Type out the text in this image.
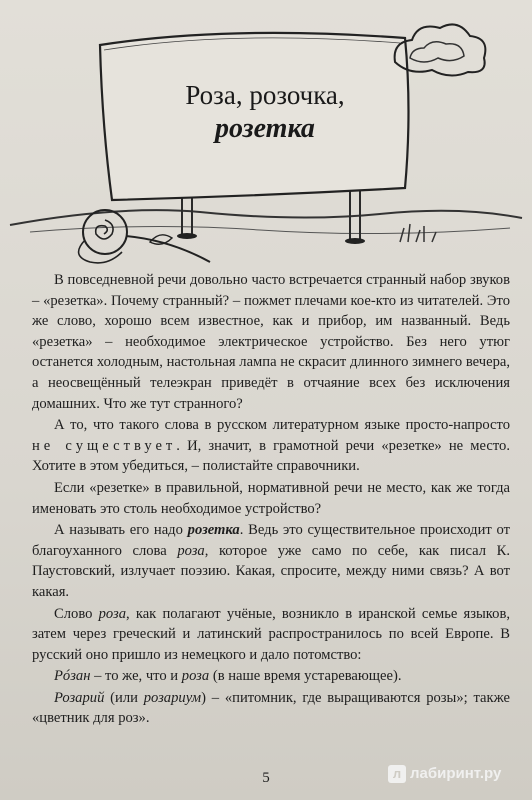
Роза, розочка,
розетка

В повседневной речи довольно часто встречается странный набор звуков – «резетка». Почему странный? – пожмет плечами кое-кто из читателей. Это же слово, хорошо всем известное, как и прибор, им названный. Ведь «резетка» – необходимое электрическое устройство. Без него утюг останется холодным, настольная лампа не скрасит длинного зимнего вечера, а неосвещённый телеэкран приведёт в отчаяние всех без исключения домашних. Что же тут странного?

А то, что такого слова в русском литературном языке просто-напросто не существует. И, значит, в грамотной речи «резетке» не место. Хотите в этом убедиться, – полистайте справочники.

Если «резетке» в правильной, нормативной речи не место, как же тогда именовать это столь необходимое устройство?

А называть его надо розетка. Ведь это существительное происходит от благоуханного слова роза, которое уже само по себе, как писал К. Паустовский, излучает поэзию. Какая, спросите, между ними связь? А вот какая.

Слово роза, как полагают учёные, возникло в иранской семье языков, затем через греческий и латинский распространилось по всей Европе. В русский оно пришло из немецкого и дало потомство:

Рóзан – то же, что и роза (в наше время устаревающее).

Розарий (или розариум) – «питомник, где выращиваются розы»; также «цветник для роз».

5	л лабиринт.ру
